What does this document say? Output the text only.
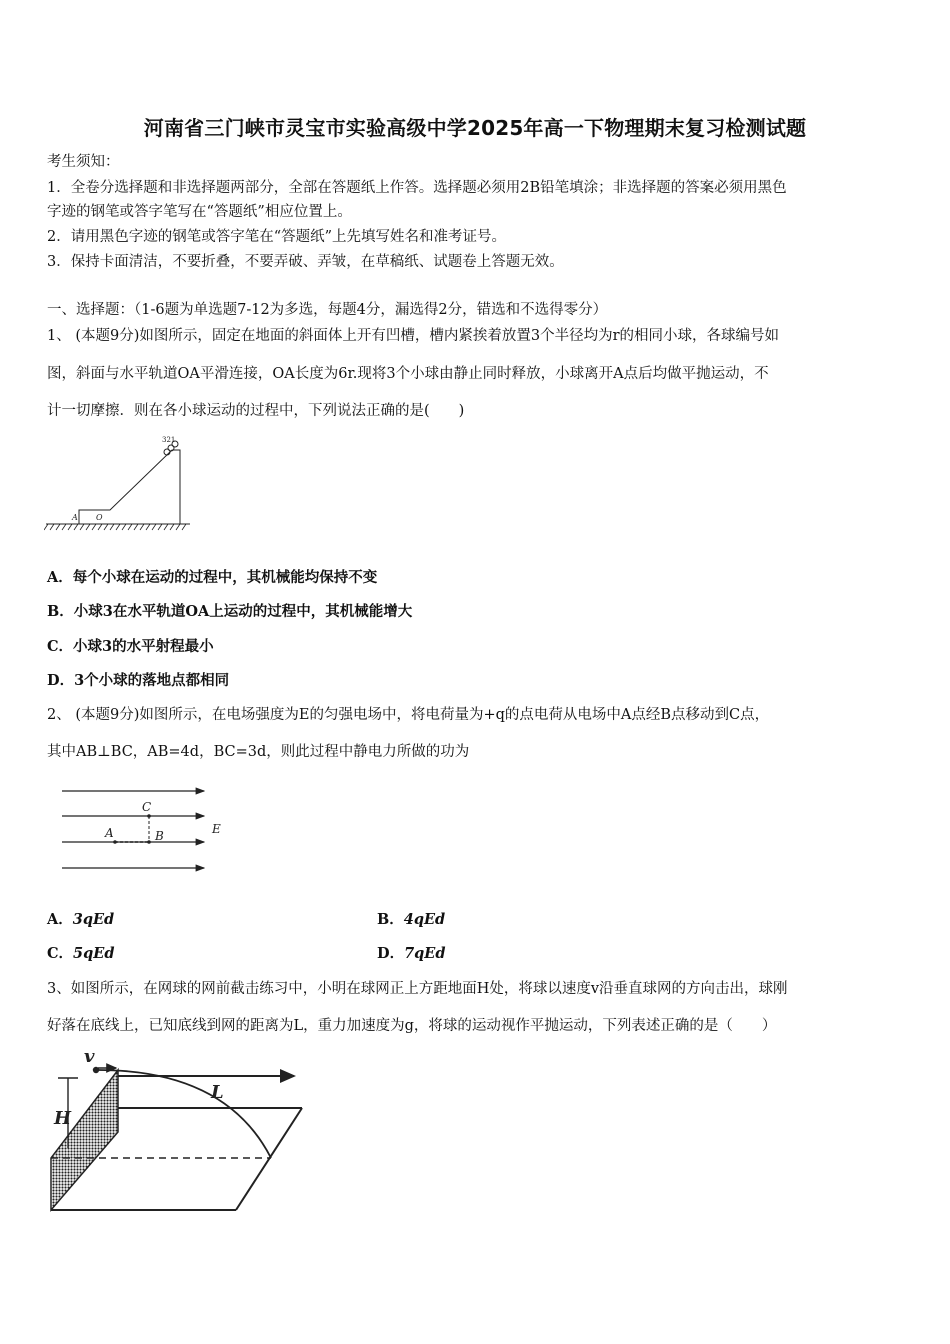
河南省三门峡市灵宝市实验高级中学2025年高一下物理期末复习检测试题
考生须知：
1．全卷分选择题和非选择题两部分，全部在答题纸上作答。选择题必须用2B铅笔填涂；非选择题的答案必须用黑色
字迹的钢笔或答字笔写在“答题纸”相应位置上。
2．请用黑色字迹的钢笔或答字笔在“答题纸”上先填写姓名和准考证号。
3．保持卡面清洁，不要折叠，不要弄破、弄皱，在草稿纸、试题卷上答题无效。
一、选择题：（1-6题为单选题7-12为多选，每题4分，漏选得2分，错选和不选得零分）
1、 (本题9分)如图所示，固定在地面的斜面体上开有凹槽，槽内紧挨着放置3个半径均为r的相同小球，各球编号如
图，斜面与水平轨道OA平滑连接，OA长度为6r.现将3个小球由静止同时释放，小球离开A点后均做平抛运动，不
计一切摩擦．则在各小球运动的过程中，下列说法正确的是(　　)
A O
321
A．每个小球在运动的过程中，其机械能均保持不变
B．小球3在水平轨道OA上运动的过程中，其机械能增大
C．小球3的水平射程最小
D．3个小球的落地点都相同
2、 (本题9分)如图所示，在电场强度为E的匀强电场中，将电荷量为+q的点电荷从电场中A点经B点移动到C点，
其中AB⊥BC，AB=4d，BC=3d，则此过程中静电力所做的功为
A	B
C
E
A．3qEd	B．4qEd
C．5qEd	D．7qEd
3、如图所示，在网球的网前截击练习中，小明在球网正上方距地面H处，将球以速度v沿垂直球网的方向击出，球刚
好落在底线上，已知底线到网的距离为L，重力加速度为g，将球的运动视作平抛运动，下列表述正确的是（　　）
v
H
L
